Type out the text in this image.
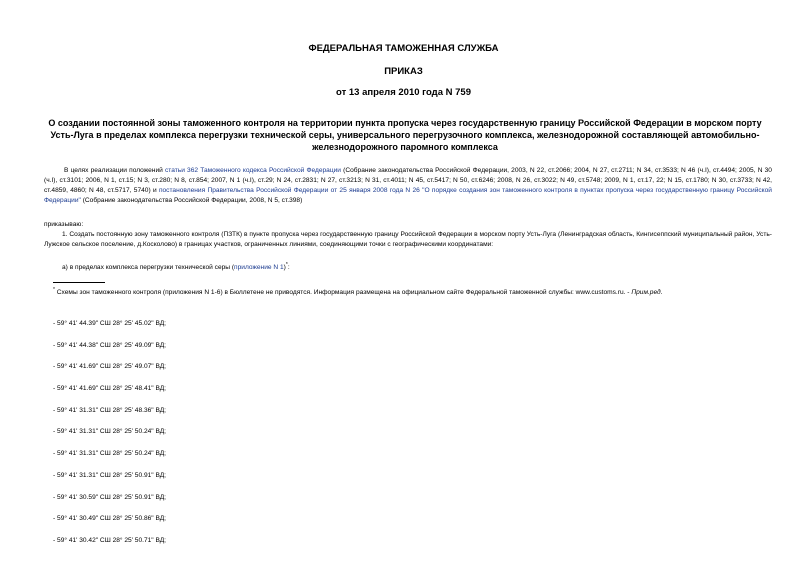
ФЕДЕРАЛЬНАЯ ТАМОЖЕННАЯ СЛУЖБА
ПРИКАЗ
от 13 апреля 2010 года N 759
О создании постоянной зоны таможенного контроля на территории пункта пропуска через государственную границу Российской Федерации в морском порту Усть-Луга в пределах комплекса перегрузки технической серы, универсального перегрузочного комплекса, железнодорожной составляющей автомобильно-железнодорожного паромного комплекса
В целях реализации положений статьи 362 Таможенного кодекса Российской Федерации (Собрание законодательства Российской Федерации, 2003, N 22, ст.2066; 2004, N 27, ст.2711; N 34, ст.3533; N 46 (ч.I), ст.4494; 2005, N 30 (ч.I), ст.3101; 2006, N 1, ст.15; N 3, ст.280; N 8, ст.854; 2007, N 1 (ч.I), ст.29; N 24, ст.2831; N 27, ст.3213; N 31, ст.4011; N 45, ст.5417; N 50, ст.6246; 2008, N 26, ст.3022; N 49, ст.5748; 2009, N 1, ст.17, 22; N 15, ст.1780; N 30, ст.3733; N 42, ст.4859, 4860; N 48, ст.5717, 5740) и постановления Правительства Российской Федерации от 25 января 2008 года N 26 "О порядке создания зон таможенного контроля в пунктах пропуска через государственную границу Российской Федерации" (Собрание законодательства Российской Федерации, 2008, N 5, ст.398)
приказываю:
1. Создать постоянную зону таможенного контроля (ПЗТК) в пункте пропуска через государственную границу Российской Федерации в морском порту Усть-Луга (Ленинградская область, Кингисеппский муниципальный район, Усть-Лужское сельское поселение, д.Косколово) в границах участков, ограниченных линиями, соединяющими точки с географическими координатами:
а) в пределах комплекса перегрузки технической серы (приложение N 1)*:
* Схемы зон таможенного контроля (приложения N 1-6) в Бюллетене не приводятся. Информация размещена на официальном сайте Федеральной таможенной службы: www.customs.ru. - Прим.ред.
- 59° 41' 44.39" СШ 28° 25' 45.02" ВД;
- 59° 41' 44.38" СШ 28° 25' 49.09" ВД;
- 59° 41' 41.69" СШ 28° 25' 49.07" ВД;
- 59° 41' 41.69" СШ 28° 25' 48.41" ВД;
- 59° 41' 31.31" СШ 28° 25' 48.36" ВД;
- 59° 41' 31.31" СШ 28° 25' 50.24" ВД;
- 59° 41' 31.31" СШ 28° 25' 50.24" ВД;
- 59° 41' 31.31" СШ 28° 25' 50.91" ВД;
- 59° 41' 30.59" СШ 28° 25' 50.91" ВД;
- 59° 41' 30.49" СШ 28° 25' 50.86" ВД;
- 59° 41' 30.42" СШ 28° 25' 50.71" ВД;
